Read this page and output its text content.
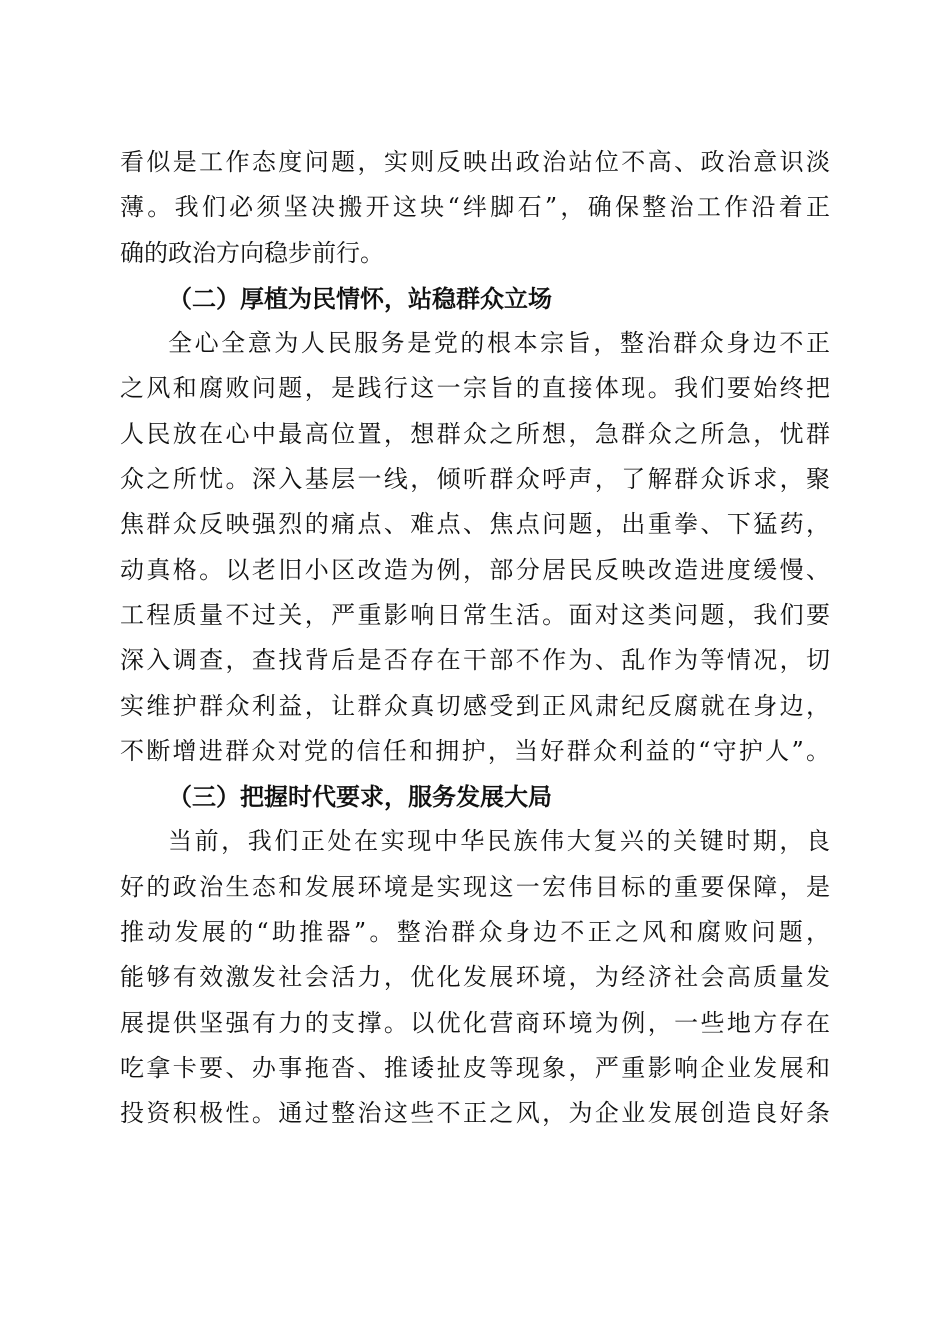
看似是工作态度问题，实则反映出政治站位不高、政治意识淡
薄。我们必须坚决搬开这块“绊脚石”，确保整治工作沿着正
确的政治方向稳步前行。
（二）厚植为民情怀，站稳群众立场
全心全意为人民服务是党的根本宗旨，整治群众身边不正
之风和腐败问题，是践行这一宗旨的直接体现。我们要始终把
人民放在心中最高位置，想群众之所想，急群众之所急，忧群
众之所忧。深入基层一线，倾听群众呼声，了解群众诉求，聚
焦群众反映强烈的痛点、难点、焦点问题，出重拳、下猛药，
动真格。以老旧小区改造为例，部分居民反映改造进度缓慢、
工程质量不过关，严重影响日常生活。面对这类问题，我们要
深入调查，查找背后是否存在干部不作为、乱作为等情况，切
实维护群众利益，让群众真切感受到正风肃纪反腐就在身边，
不断增进群众对党的信任和拥护，当好群众利益的“守护人”。
（三）把握时代要求，服务发展大局
当前，我们正处在实现中华民族伟大复兴的关键时期，良
好的政治生态和发展环境是实现这一宏伟目标的重要保障，是
推动发展的“助推器”。整治群众身边不正之风和腐败问题，
能够有效激发社会活力，优化发展环境，为经济社会高质量发
展提供坚强有力的支撑。以优化营商环境为例，一些地方存在
吃拿卡要、办事拖沓、推诿扯皮等现象，严重影响企业发展和
投资积极性。通过整治这些不正之风，为企业发展创造良好条
